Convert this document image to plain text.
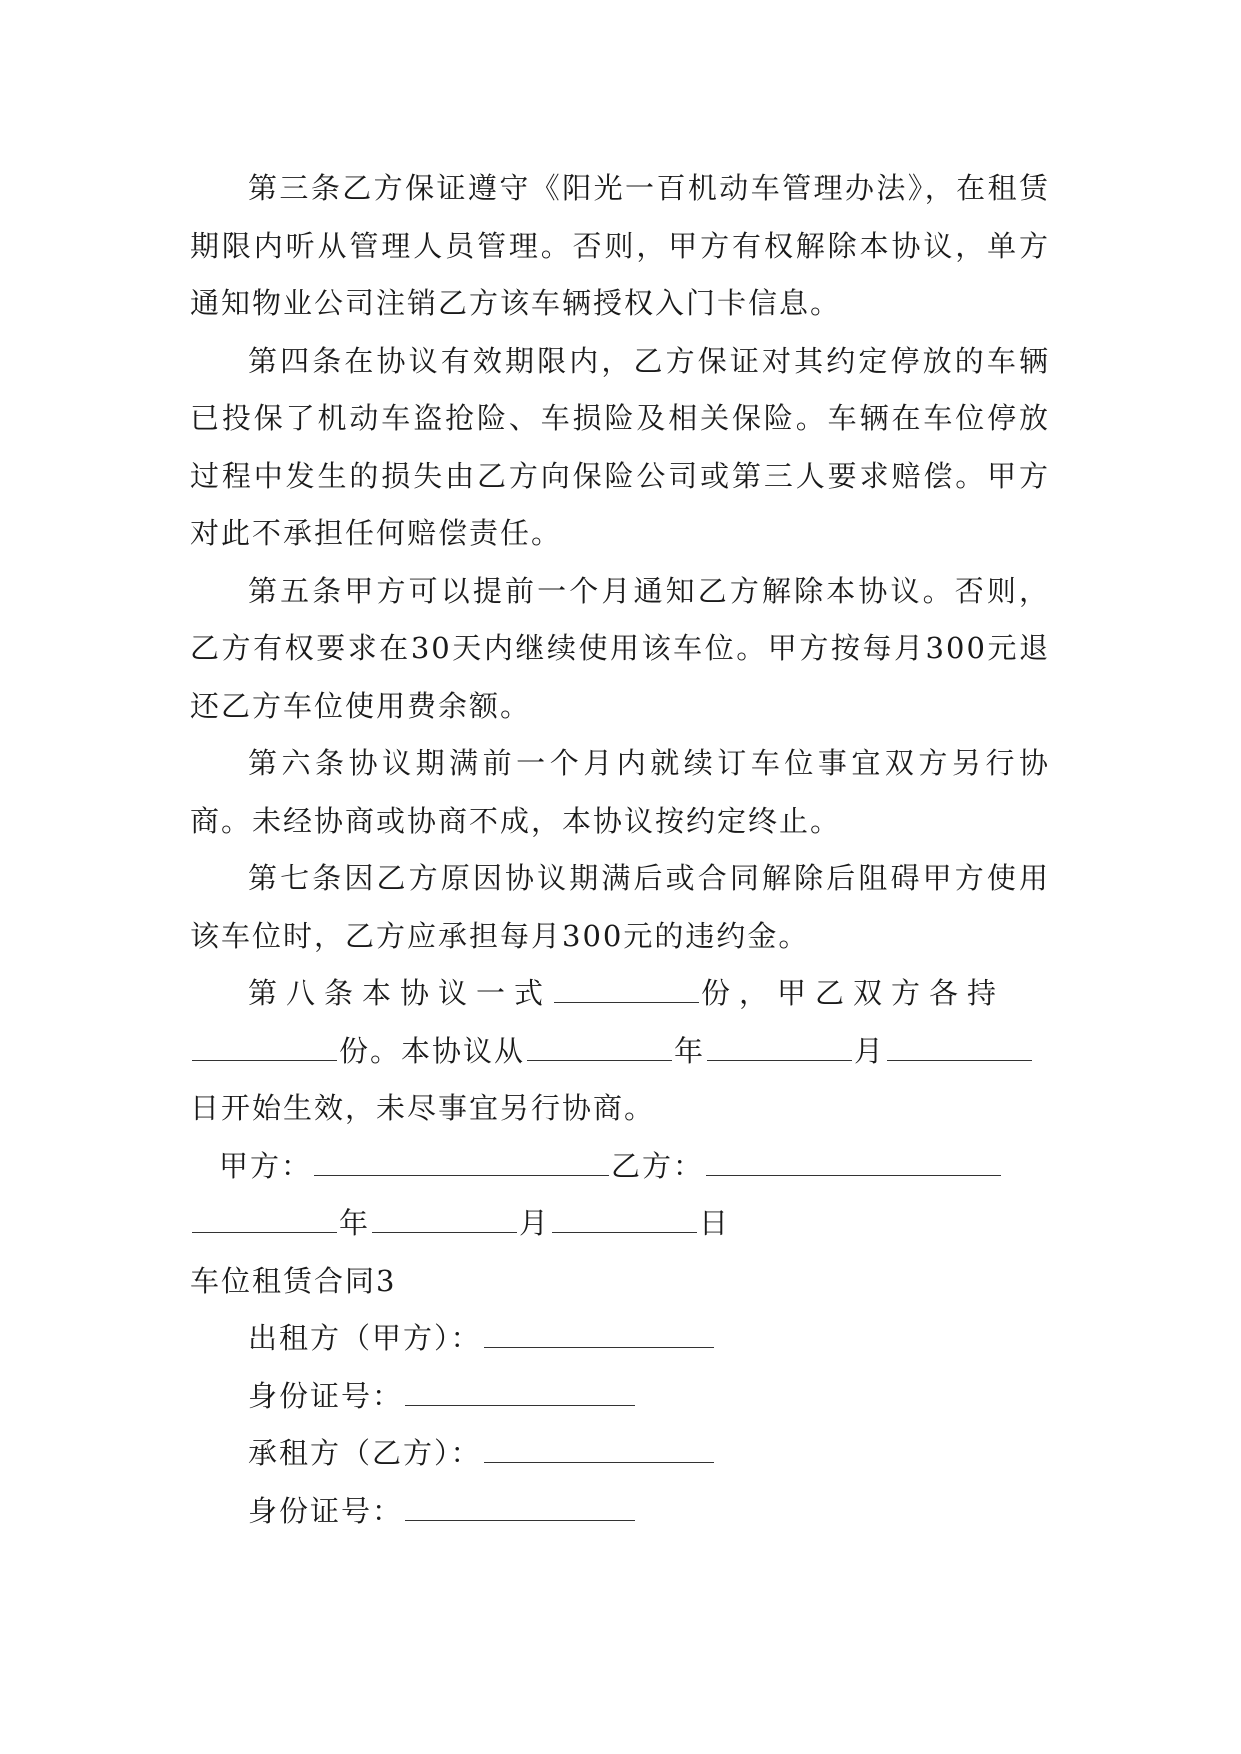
第三条乙方保证遵守《阳光一百机动车管理办法》，在租赁期限内听从管理人员管理。否则，甲方有权解除本协议，单方通知物业公司注销乙方该车辆授权入门卡信息。

第四条在协议有效期限内，乙方保证对其约定停放的车辆已投保了机动车盗抢险、车损险及相关保险。车辆在车位停放过程中发生的损失由乙方向保险公司或第三人要求赔偿。甲方对此不承担任何赔偿责任。

第五条甲方可以提前一个月通知乙方解除本协议。否则，乙方有权要求在30天内继续使用该车位。甲方按每月300元退还乙方车位使用费余额。

第六条协议期满前一个月内就续订车位事宜双方另行协商。未经协商或协商不成，本协议按约定终止。

第七条因乙方原因协议期满后或合同解除后阻碍甲方使用该车位时，乙方应承担每月300元的违约金。

第八条本协议一式	份，甲乙双方各持

份。本协议从	年	月

日开始生效，未尽事宜另行协商。

甲方：	乙方：

年	月	日

车位租赁合同3

出租方（甲方）：

身份证号：

承租方（乙方）：

身份证号：
